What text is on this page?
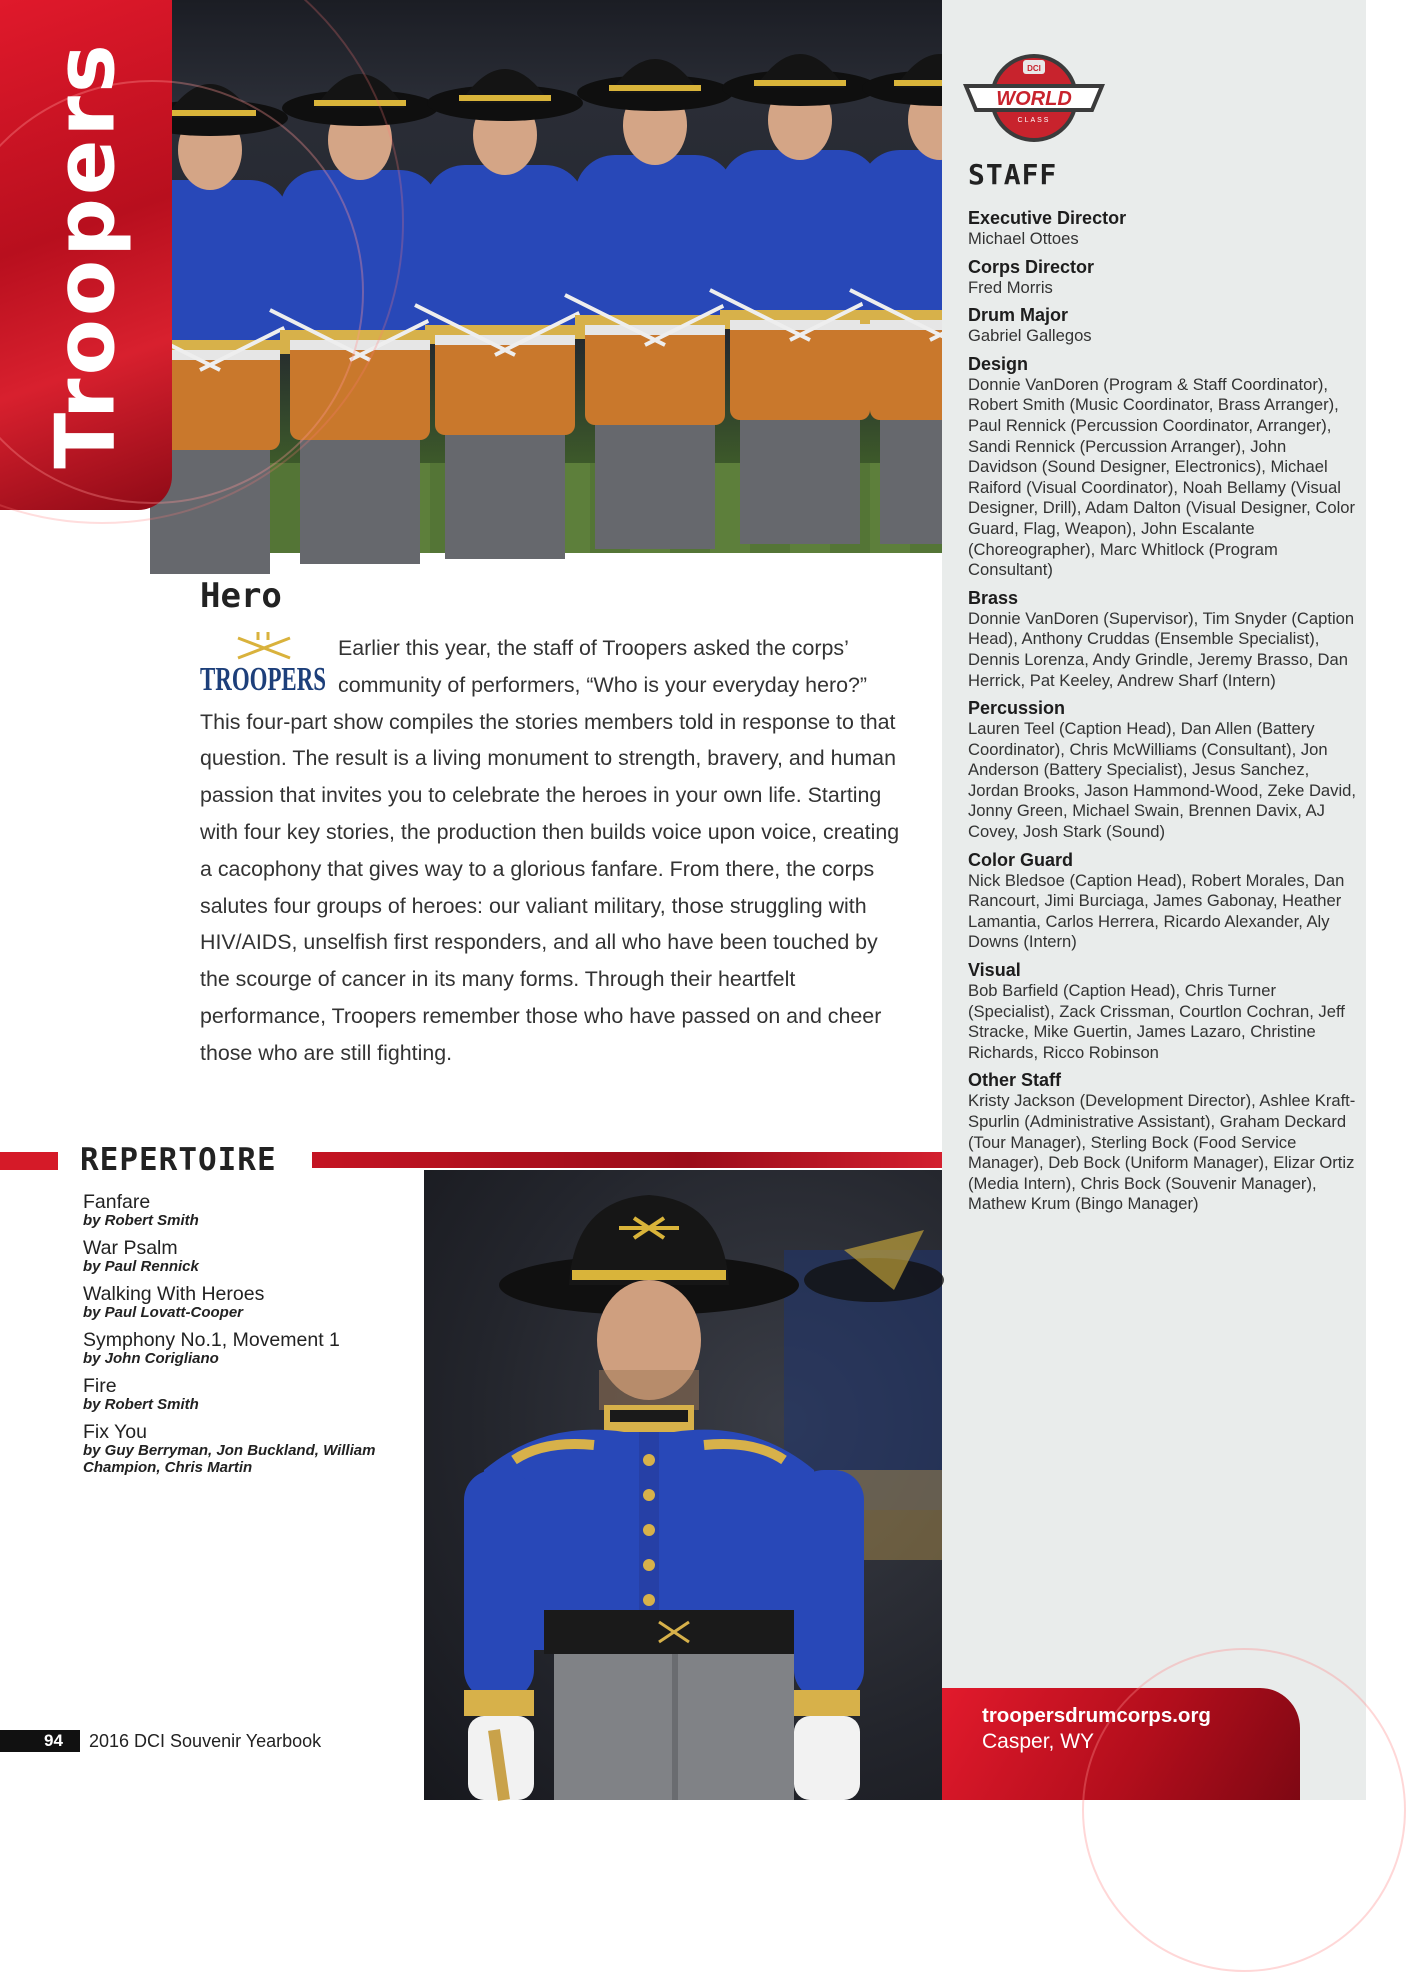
Troopers	DCI
WORLD
CLASS
STAFF
Executive Director
Michael Ottoes
Corps Director
Fred Morris
Drum Major
Gabriel Gallegos
Design
Donnie VanDoren (Program & Staff Coordinator), Robert Smith (Music Coordinator, Brass Arranger), Paul Rennick (Percussion Coordinator, Arranger), Sandi Rennick (Percussion Arranger), John Davidson (Sound Designer, Electronics), Michael Raiford (Visual Coordinator), Noah Bellamy (Visual Designer, Drill), Adam Dalton (Visual Designer, Color Guard, Flag, Weapon), John Escalante (Choreographer), Marc Whitlock (Program Consultant)
Brass
Donnie VanDoren (Supervisor), Tim Snyder (Caption Head), Anthony Cruddas (Ensemble Specialist), Dennis Lorenza, Andy Grindle, Jeremy Brasso, Dan Herrick, Pat Keeley, Andrew Sharf (Intern)
Percussion
Lauren Teel (Caption Head), Dan Allen (Battery Coordinator), Chris McWilliams (Consultant), Jon Anderson (Battery Specialist), Jesus Sanchez, Jordan Brooks, Jason Hammond-Wood, Zeke David, Jonny Green, Michael Swain, Brennen Davix, AJ Covey, Josh Stark (Sound)
Color Guard
Nick Bledsoe (Caption Head), Robert Morales, Dan Rancourt, Jimi Burciaga, James Gabonay, Heather Lamantia, Carlos Herrera, Ricardo Alexander, Aly Downs (Intern)
Visual
Bob Barfield (Caption Head), Chris Turner (Specialist), Zack Crissman, Courtlon Cochran, Jeff Stracke, Mike Guertin, James Lazaro, Christine Richards, Ricco Robinson
Other Staff
Kristy Jackson (Development Director), Ashlee Kraft-Spurlin (Administrative Assistant), Graham Deckard (Tour Manager), Sterling Bock (Food Service Manager), Deb Bock (Uniform Manager), Elizar Ortiz (Media Intern), Chris Bock (Souvenir Manager), Mathew Krum (Bingo Manager)
troopersdrumcorps.org
Casper, WY
Hero
TROOPERS

Earlier this year, the staff of Troopers asked the corps’ community of performers, “Who is your everyday hero?” This four-part show compiles the stories members told in response to that question. The result is a living monument to strength, bravery, and human passion that invites you to celebrate the heroes in your own life. Starting with four key stories, the production then builds voice upon voice, creating a cacophony that gives way to a glorious fanfare. From there, the corps salutes four groups of heroes: our valiant military, those struggling with HIV/AIDS, unselfish first responders, and all who have been touched by the scourge of cancer in its many forms. Through their heartfelt performance, Troopers remember those who have passed on and cheer those who are still fighting.

REPERTOIRE
Fanfare
by Robert Smith
War Psalm
by Paul Rennick
Walking With Heroes
by Paul Lovatt-Cooper
Symphony No.1, Movement 1
by John Corigliano
Fire
by Robert Smith
Fix You
by Guy Berryman, Jon Buckland, William Champion, Chris Martin
94 2016 DCI Souvenir Yearbook
